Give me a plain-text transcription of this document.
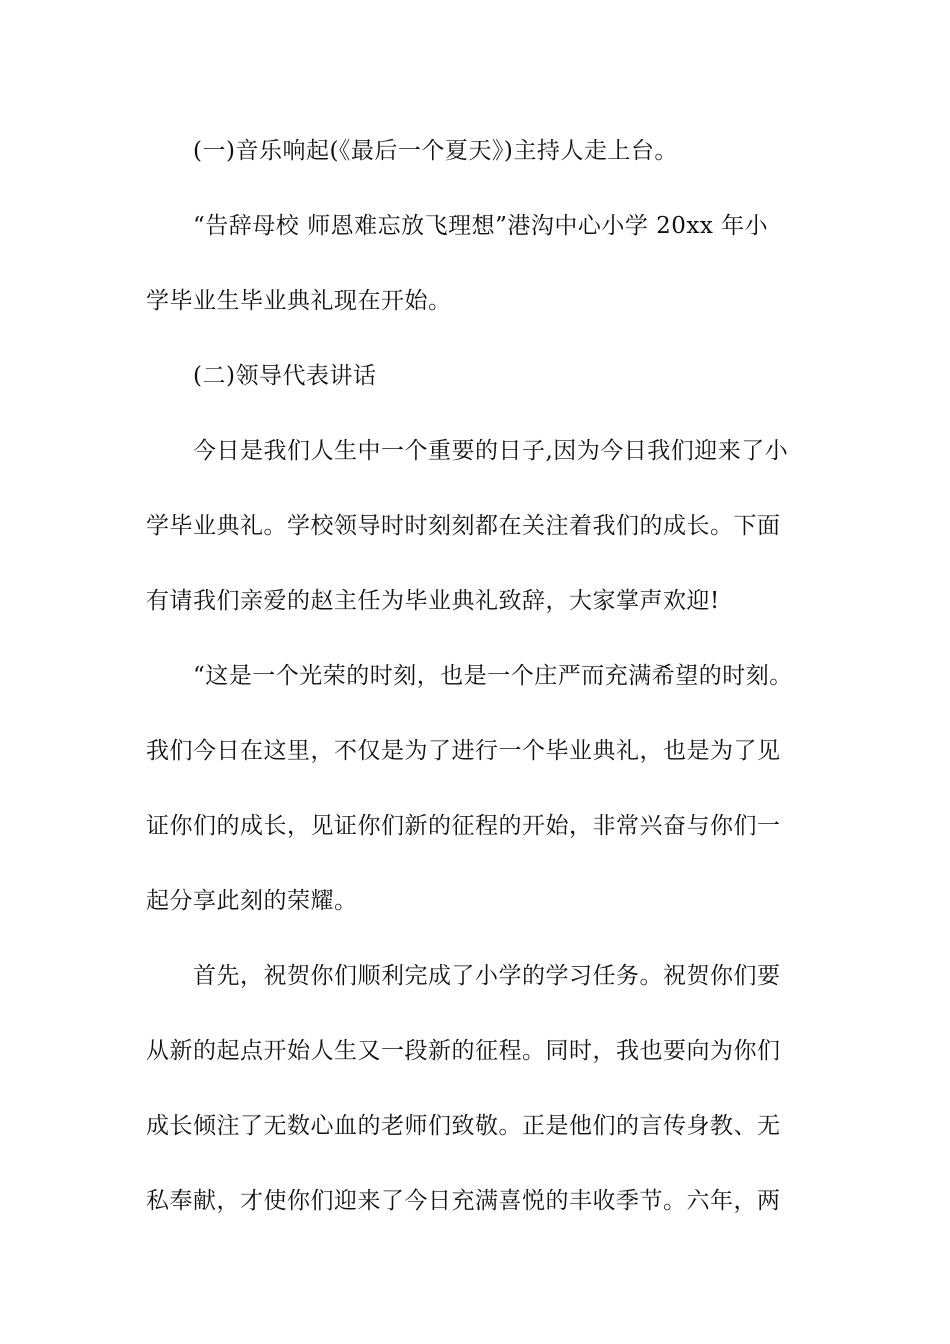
(一)音乐响起(《最后一个夏天》)主持人走上台。
“告辞母校 师恩难忘放飞理想”港沟中心小学 20xx 年小
学毕业生毕业典礼现在开始。
(二)领导代表讲话
今日是我们人生中一个重要的日子,因为今日我们迎来了小
学毕业典礼。学校领导时时刻刻都在关注着我们的成长。下面
有请我们亲爱的赵主任为毕业典礼致辞，大家掌声欢迎!
“这是一个光荣的时刻，也是一个庄严而充满希望的时刻。
我们今日在这里，不仅是为了进行一个毕业典礼，也是为了见
证你们的成长，见证你们新的征程的开始，非常兴奋与你们一
起分享此刻的荣耀。
首先，祝贺你们顺利完成了小学的学习任务。祝贺你们要
从新的起点开始人生又一段新的征程。同时，我也要向为你们
成长倾注了无数心血的老师们致敬。正是他们的言传身教、无
私奉献，才使你们迎来了今日充满喜悦的丰收季节。六年，两
